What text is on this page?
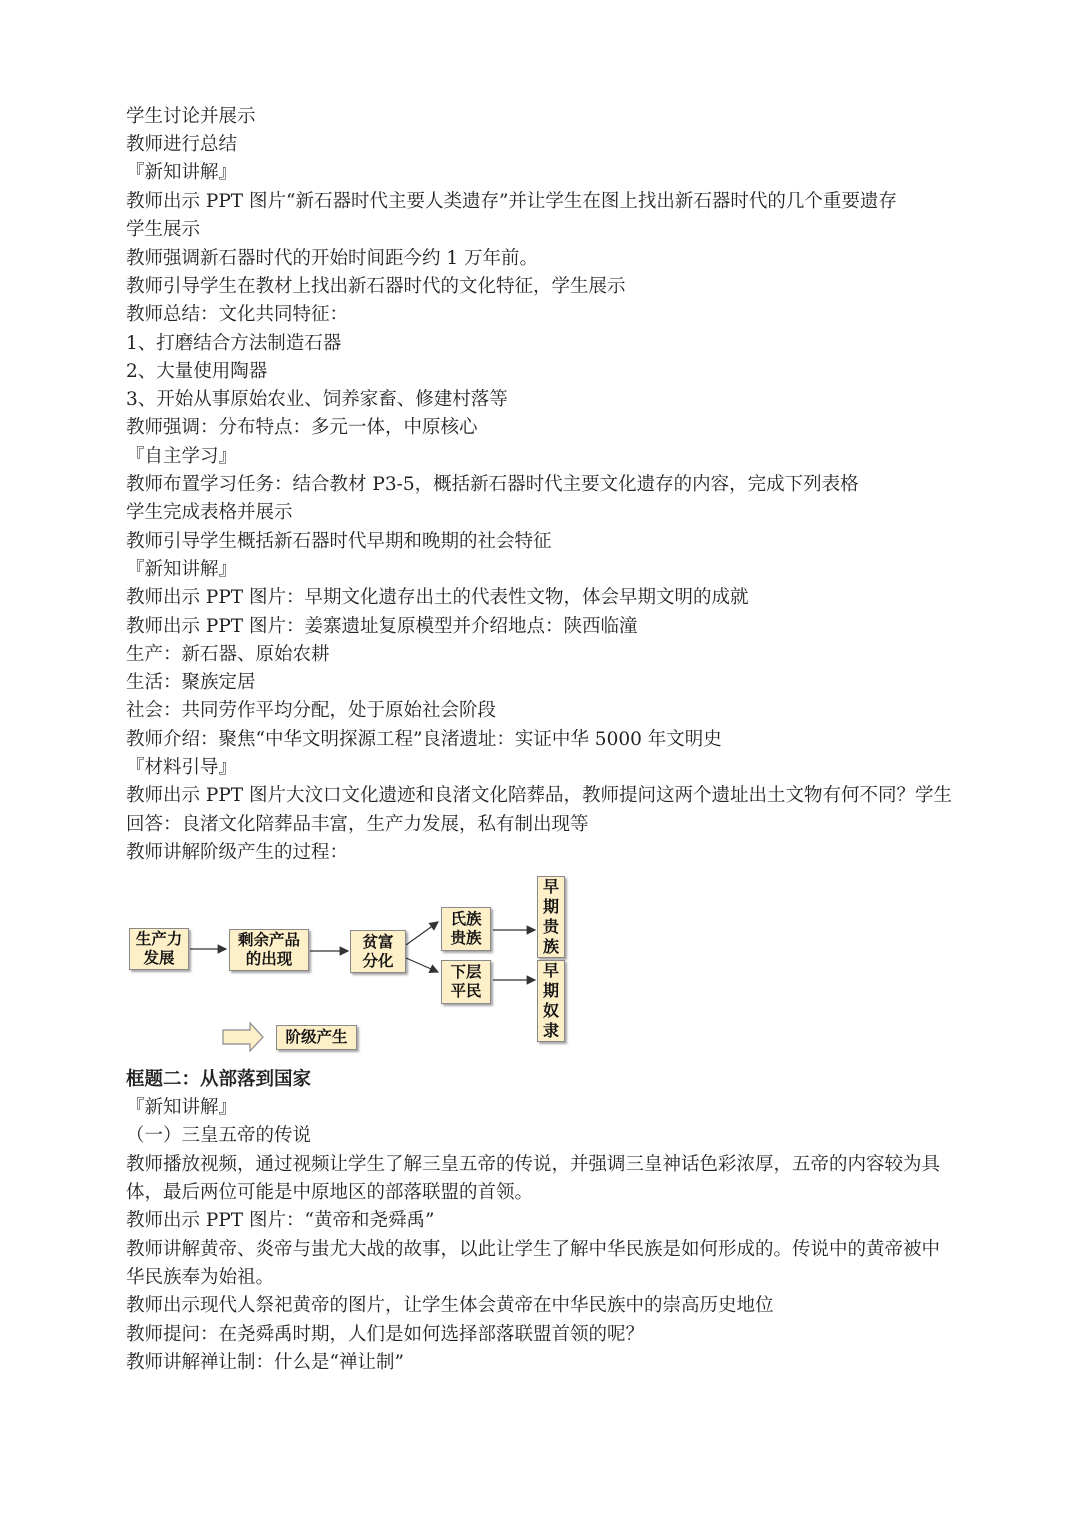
学生讨论并展示
教师进行总结
『新知讲解』
教师出示 PPT 图片“新石器时代主要人类遗存”并让学生在图上找出新石器时代的几个重要遗存
学生展示
教师强调新石器时代的开始时间距今约 1 万年前。
教师引导学生在教材上找出新石器时代的文化特征，学生展示
教师总结：文化共同特征：
1、打磨结合方法制造石器
2、大量使用陶器
3、开始从事原始农业、饲养家畜、修建村落等
教师强调：分布特点：多元一体，中原核心
『自主学习』
教师布置学习任务：结合教材 P3-5，概括新石器时代主要文化遗存的内容，完成下列表格
学生完成表格并展示
教师引导学生概括新石器时代早期和晚期的社会特征
『新知讲解』
教师出示 PPT 图片：早期文化遗存出土的代表性文物，体会早期文明的成就
教师出示 PPT 图片：姜寨遗址复原模型并介绍地点：陕西临潼
生产：新石器、原始农耕
生活：聚族定居
社会：共同劳作平均分配，处于原始社会阶段
教师介绍：聚焦“中华文明探源工程”良渚遗址：实证中华 5000 年文明史
『材料引导』
教师出示 PPT 图片大汶口文化遗迹和良渚文化陪葬品，教师提问这两个遗址出土文物有何不同？学生
回答：良渚文化陪葬品丰富，生产力发展，私有制出现等
教师讲解阶级产生的过程：
生产力
发展
剩余产品
的出现
贫富
分化
氏族
贵族
下层
平民
早期贵族
早期奴隶
阶级产生
框题二：从部落到国家
『新知讲解』
（一）三皇五帝的传说
教师播放视频，通过视频让学生了解三皇五帝的传说，并强调三皇神话色彩浓厚，五帝的内容较为具
体，最后两位可能是中原地区的部落联盟的首领。
教师出示 PPT 图片：“黄帝和尧舜禹”
教师讲解黄帝、炎帝与蚩尤大战的故事，以此让学生了解中华民族是如何形成的。传说中的黄帝被中
华民族奉为始祖。
教师出示现代人祭祀黄帝的图片，让学生体会黄帝在中华民族中的崇高历史地位
教师提问：在尧舜禹时期，人们是如何选择部落联盟首领的呢？
教师讲解禅让制：什么是“禅让制”
